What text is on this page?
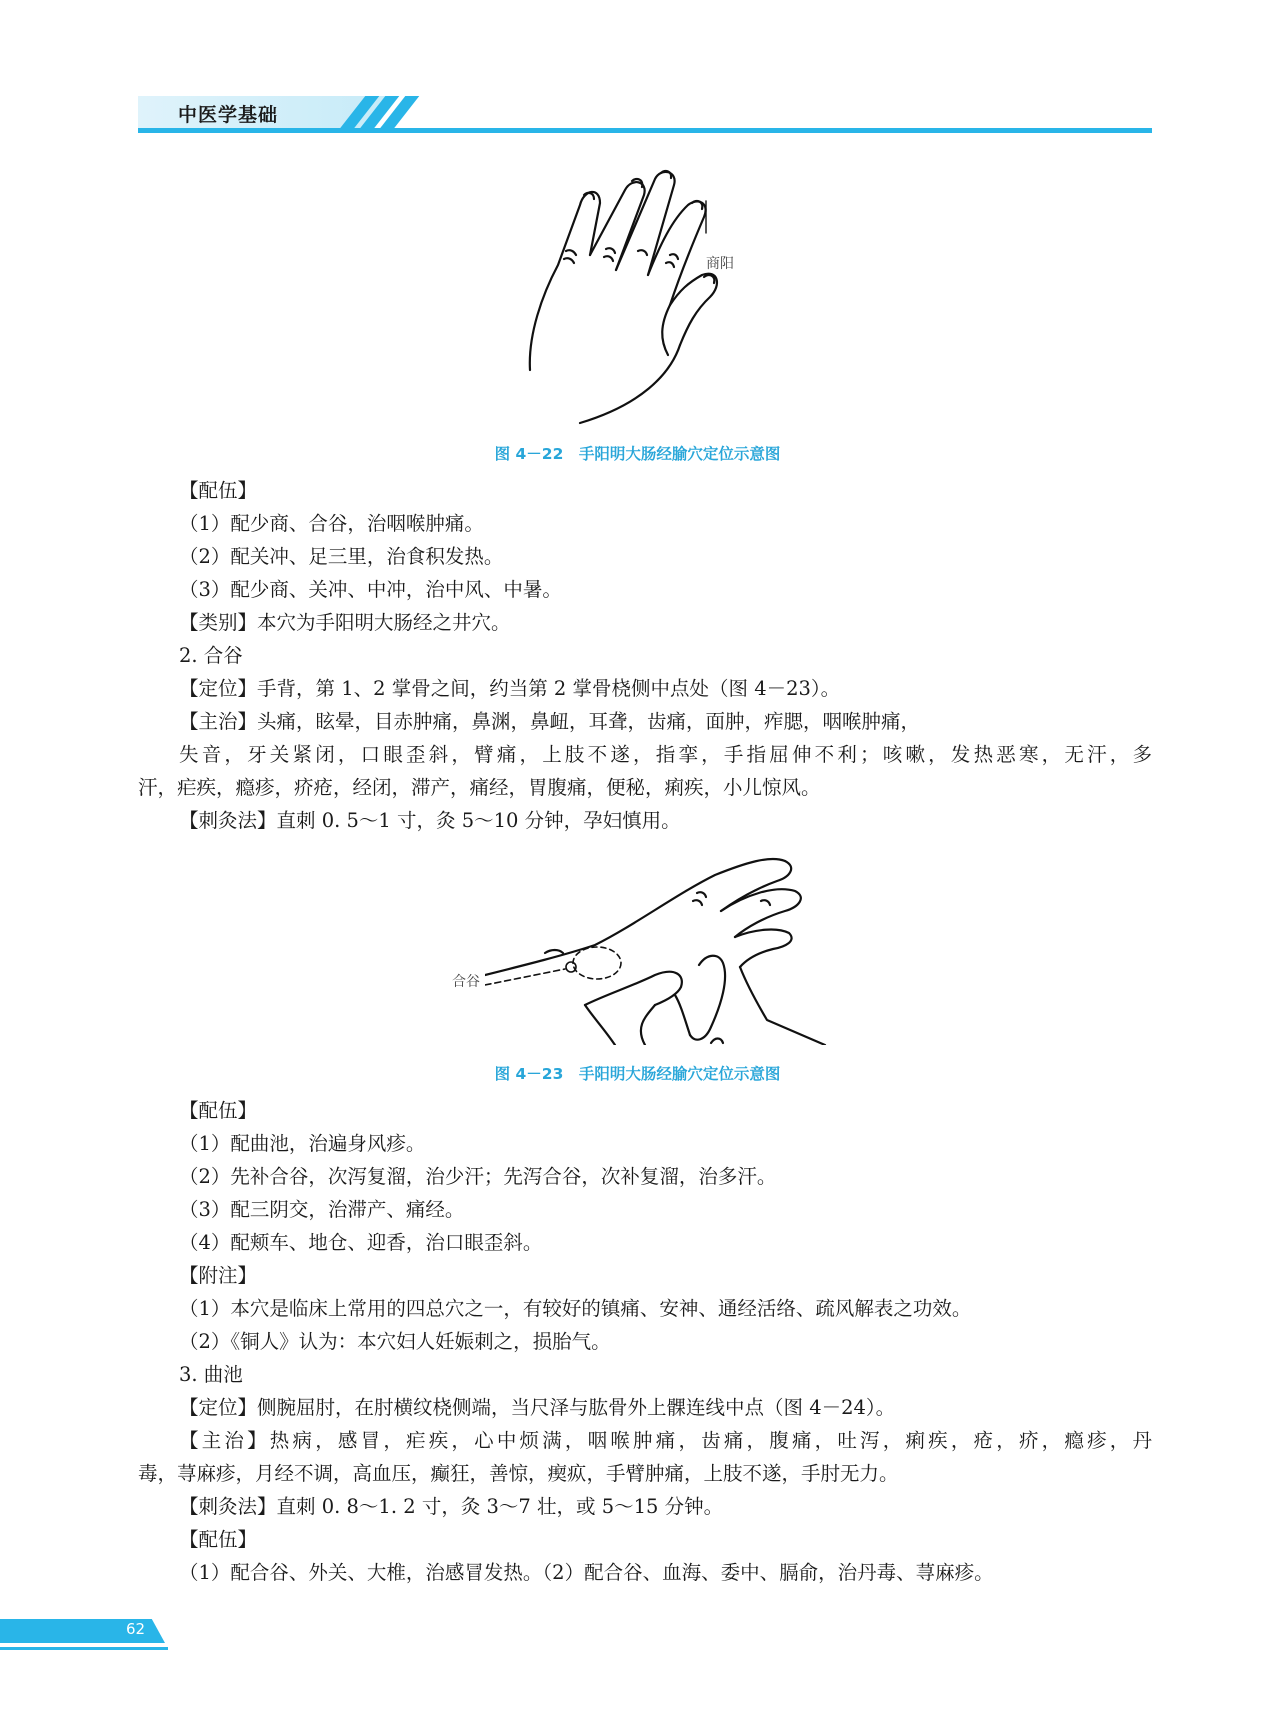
中医学基础
商阳
图 4－22　手阳明大肠经腧穴定位示意图
【配伍】
（1）配少商、合谷，治咽喉肿痛。
（2）配关冲、足三里，治食积发热。
（3）配少商、关冲、中冲，治中风、中暑。
【类别】本穴为手阳明大肠经之井穴。
2. 合谷
【定位】手背，第 1、2 掌骨之间，约当第 2 掌骨桡侧中点处（图 4－23）。
【主治】头痛，眩晕，目赤肿痛，鼻渊，鼻衄，耳聋，齿痛，面肿，痄腮，咽喉肿痛，
失音，牙关紧闭，口眼歪斜，臂痛，上肢不遂，指挛，手指屈伸不利；咳嗽，发热恶寒，无汗，多
汗，疟疾，瘾疹，疥疮，经闭，滞产，痛经，胃腹痛，便秘，痢疾，小儿惊风。
【刺灸法】直刺 0. 5～1 寸，灸 5～10 分钟，孕妇慎用。
合谷
图 4－23　手阳明大肠经腧穴定位示意图
【配伍】
（1）配曲池，治遍身风疹。
（2）先补合谷，次泻复溜，治少汗；先泻合谷，次补复溜，治多汗。
（3）配三阴交，治滞产、痛经。
（4）配颊车、地仓、迎香，治口眼歪斜。
【附注】
（1）本穴是临床上常用的四总穴之一，有较好的镇痛、安神、通经活络、疏风解表之功效。
（2）《铜人》认为：本穴妇人妊娠刺之，损胎气。
3. 曲池
【定位】侧腕屈肘，在肘横纹桡侧端，当尺泽与肱骨外上髁连线中点（图 4－24）。
【主治】热病，感冒，疟疾，心中烦满，咽喉肿痛，齿痛，腹痛，吐泻，痢疾，疮，疥，瘾疹，丹
毒，荨麻疹，月经不调，高血压，癫狂，善惊，瘈疭，手臂肿痛，上肢不遂，手肘无力。
【刺灸法】直刺 0. 8～1. 2 寸，灸 3～7 壮，或 5～15 分钟。
【配伍】
（1）配合谷、外关、大椎，治感冒发热。（2）配合谷、血海、委中、膈俞，治丹毒、荨麻疹。
62
